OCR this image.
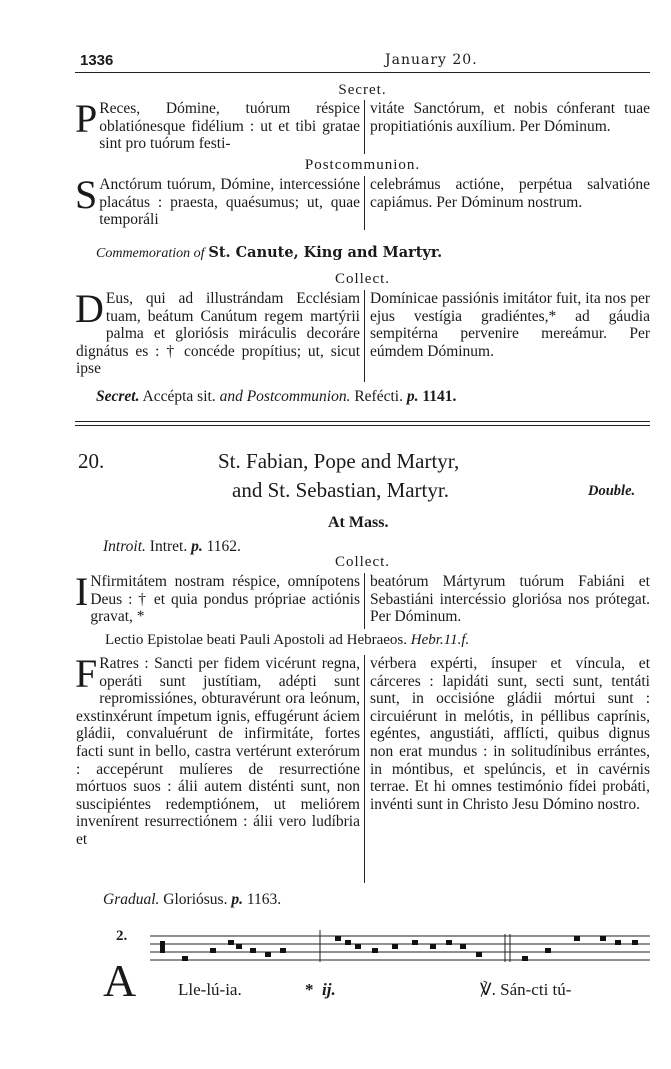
1336	January 20.
Secret.

P Reces, Dómine, tuórum réspice oblatiónesque fidélium : ut et tibi gratae sint pro tuórum festi-

vitáte Sanctórum, et nobis cónferant tuae propitiatiónis auxílium. Per Dóminum.

Postcommunion.

S Anctórum tuórum, Dómine, intercessióne placátus : praesta, quaésumus; ut, quae temporáli

celebrámus actióne, perpétua salvatióne capiámus. Per Dóminum nostrum.

Commemoration of St. Canute, King and Martyr.
Collect.

D Eus, qui ad illustrándam Ecclésiam tuam, beátum Canútum regem martýrii palma et gloriósis miráculis decoráre dignátus es : † concéde propítius; ut, sicut ipse

Domínicae passiónis imitátor fuit, ita nos per ejus vestígia gradiéntes,* ad gáudia sempitérna pervenire mereámur. Per eúmdem Dóminum.

Secret. Accépta sit. and Postcommunion. Refécti. p. 1141.
20.	St. Fabian, Pope and Martyr,
and St. Sebastian, Martyr.	Double.
At Mass.
Introit. Intret. p. 1162.
Collect.

I Nfirmitátem nostram réspice, omnípotens Deus : † et quia pondus própriae actiónis gravat, *

beatórum Mártyrum tuórum Fabiáni et Sebastiáni intercéssio gloriósa nos prótegat. Per Dóminum.

Lectio Epistolae beati Pauli Apostoli ad Hebraeos. Hebr.11.f.

F Ratres : Sancti per fidem vicérunt regna, operáti sunt justítiam, adépti sunt repromissiónes, obturavérunt ora leónum, exstinxérunt ímpetum ignis, effugérunt áciem gládii, convaluérunt de infirmitáte, fortes facti sunt in bello, castra vertérunt exterórum : accepérunt mulíeres de resurrectióne mórtuos suos : álii autem disténti sunt, non suscipiéntes redemptiónem, ut melióre​m inveníre​nt resurrectiónem : álii vero ludíbria et

vérbera expérti, ínsuper et víncula, et cárceres : lapidáti sunt, secti sunt, tentáti sunt, in occisióne gládii mórtui sunt : circuiérunt in melótis, in péllibus caprínis, egéntes, angustiáti, afflícti, quibus dignus non erat mundus : in solitudínibus errántes, in móntibus, et spelúncis, et in cavérnis terrae. Et hi omnes testimónio fídei probáti, invénti sunt in Christo Jesu Dómino nostro.

Gradual. Gloriósus. p. 1163.
2.
A Lle-lú-ia.	* ij.	℣. Sán-cti tú-
